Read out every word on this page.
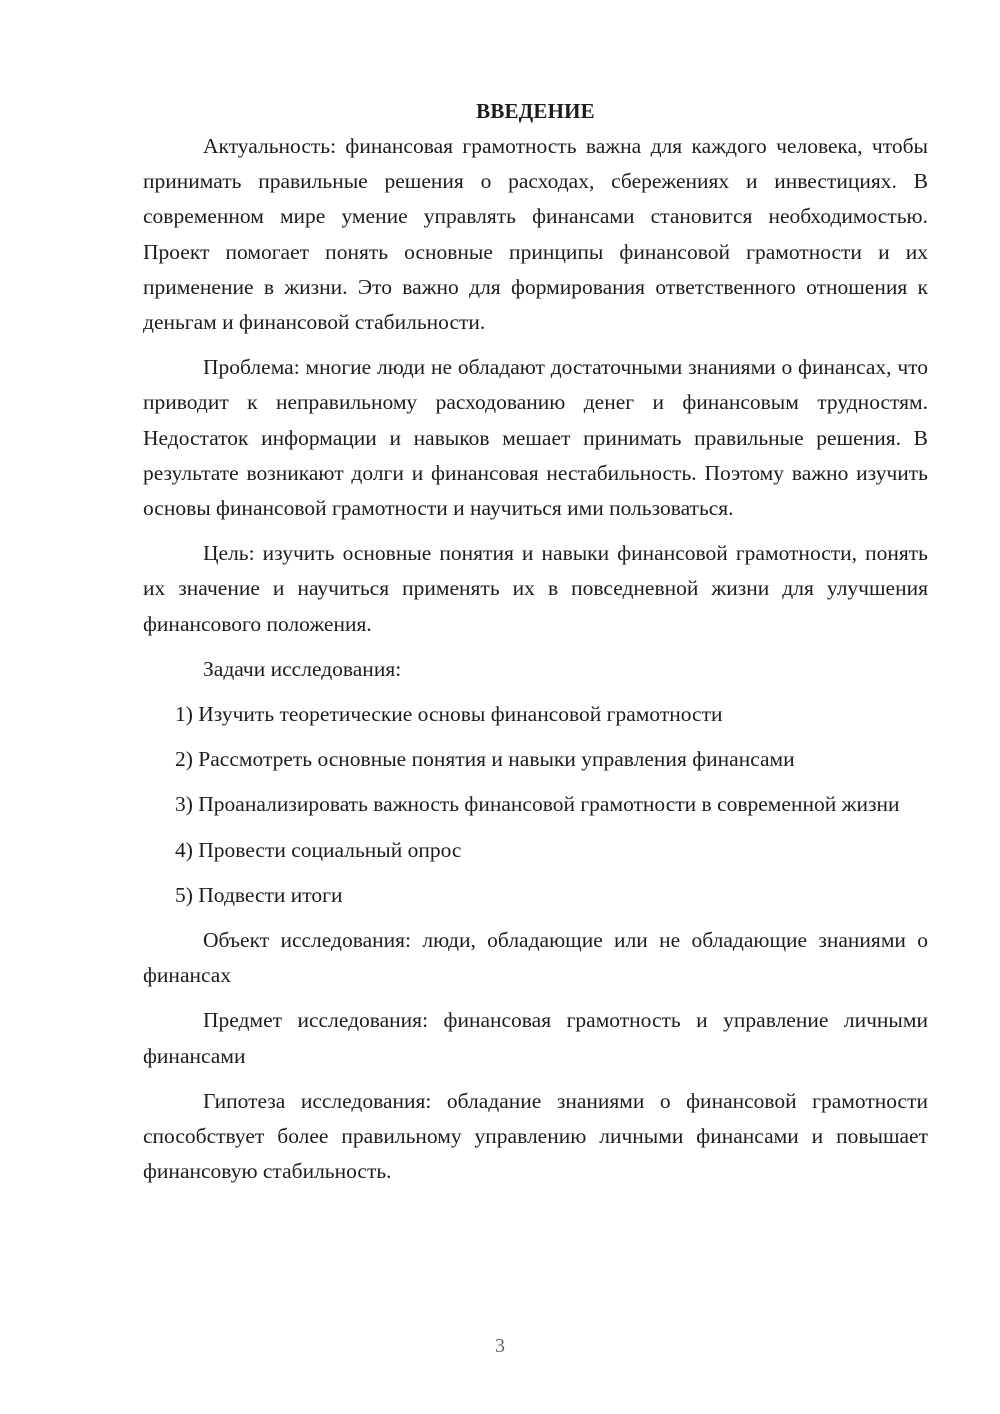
ВВЕДЕНИЕ

Актуальность: финансовая грамотность важна для каждого человека, чтобы принимать правильные решения о расходах, сбережениях и инвестициях. В современном мире умение управлять финансами становится необходимостью. Проект помогает понять основные принципы финансовой грамотности и их применение в жизни. Это важно для формирования ответственного отношения к деньгам и финансовой стабильности.

Проблема: многие люди не обладают достаточными знаниями о финансах, что приводит к неправильному расходованию денег и финансовым трудностям. Недостаток информации и навыков мешает принимать правильные решения. В результате возникают долги и финансовая нестабильность. Поэтому важно изучить основы финансовой грамотности и научиться ими пользоваться.

Цель: изучить основные понятия и навыки финансовой грамотности, понять их значение и научиться применять их в повседневной жизни для улучшения финансового положения.

Задачи исследования:

1) Изучить теоретические основы финансовой грамотности

2) Рассмотреть основные понятия и навыки управления финансами

3) Проанализировать важность финансовой грамотности в современной жизни

4) Провести социальный опрос

5) Подвести итоги

Объект исследования: люди, обладающие или не обладающие знаниями о финансах

Предмет исследования: финансовая грамотность и управление личными финансами

Гипотеза исследования: обладание знаниями о финансовой грамотности способствует более правильному управлению личными финансами и повышает финансовую стабильность.

3
